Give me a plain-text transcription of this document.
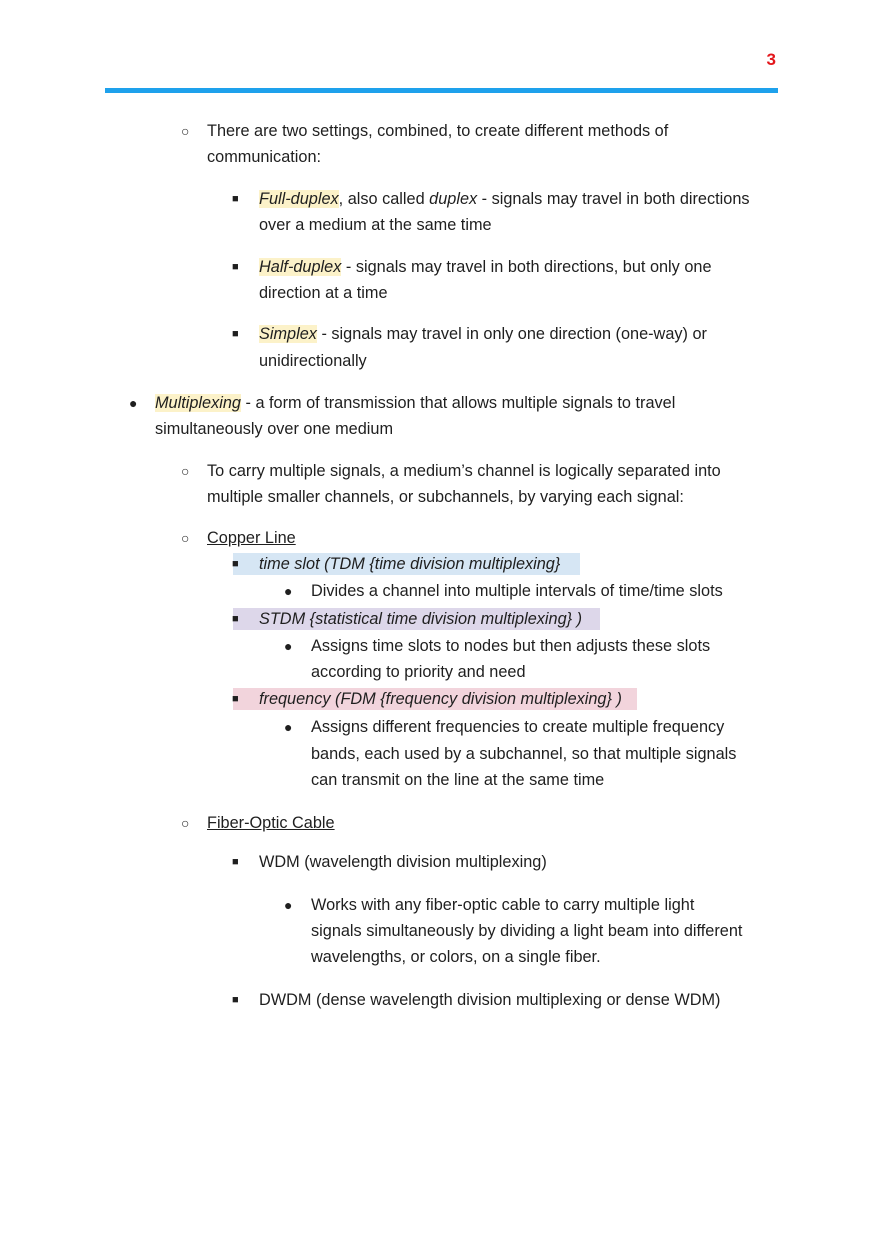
3
○ There are two settings, combined, to create different methods of
communication:
■ Full-duplex, also called duplex - signals may travel in both directions
over a medium at the same time
■ Half-duplex - signals may travel in both directions, but only one
direction at a time
■ Simplex - signals may travel in only one direction (one-way) or
unidirectionally
● Multiplexing - a form of transmission that allows multiple signals to travel
simultaneously over one medium
○ To carry multiple signals, a medium’s channel is logically separated into
multiple smaller channels, or subchannels, by varying each signal:
○ Copper Line
■ time slot (TDM {time division multiplexing}
● Divides a channel into multiple intervals of time/time slots
■ STDM {statistical time division multiplexing} )
● Assigns time slots to nodes but then adjusts these slots
according to priority and need
■ frequency (FDM {frequency division multiplexing} )
● Assigns different frequencies to create multiple frequency
bands, each used by a subchannel, so that multiple signals
can transmit on the line at the same time
○ Fiber-Optic Cable
■ WDM (wavelength division multiplexing)
● Works with any fiber-optic cable to carry multiple light
signals simultaneously by dividing a light beam into different
wavelengths, or colors, on a single fiber.
■ DWDM (dense wavelength division multiplexing or dense WDM)
